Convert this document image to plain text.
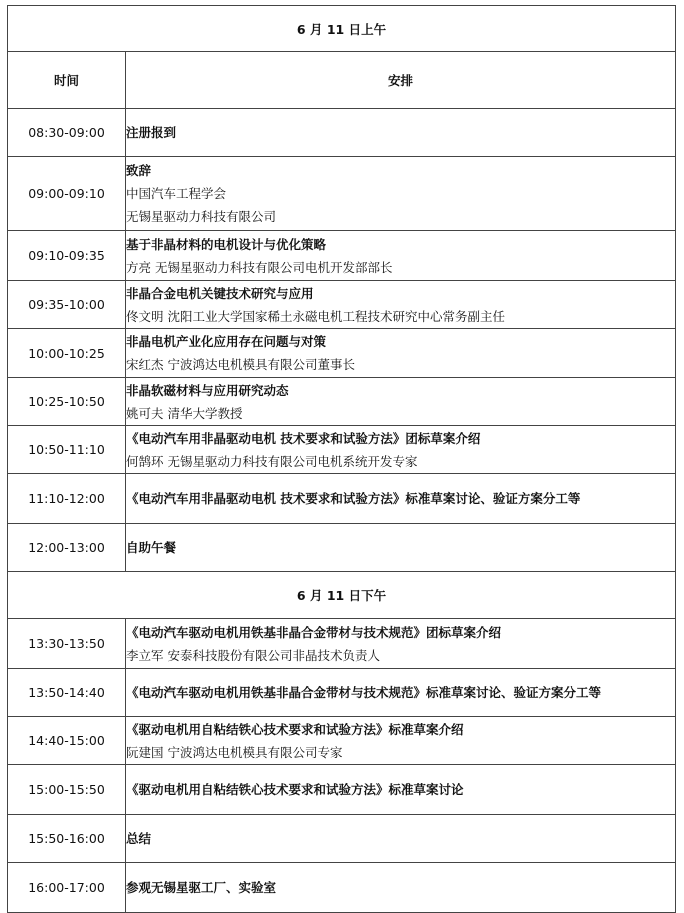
6 月 11 日上午	
时间	安排
08:30-09:00	注册报到

09:00-09:10	致辞
中国汽车工程学会
无锡星驱动力科技有限公司

09:10-09:35	基于非晶材料的电机设计与优化策略
方亮 无锡星驱动力科技有限公司电机开发部部长

09:35-10:00	非晶合金电机关键技术研究与应用
佟文明 沈阳工业大学国家稀土永磁电机工程技术研究中心常务副主任

10:00-10:25	非晶电机产业化应用存在问题与对策
宋红杰 宁波鸿达电机模具有限公司董事长

10:25-10:50	非晶软磁材料与应用研究动态
姚可夫 清华大学教授

10:50-11:10	《电动汽车用非晶驱动电机 技术要求和试验方法》团标草案介绍
何鹄环 无锡星驱动力科技有限公司电机系统开发专家

11:10-12:00	《电动汽车用非晶驱动电机 技术要求和试验方法》标准草案讨论、验证方案分工等

12:00-13:00	自助午餐

6 月 11 日下午	
13:30-13:50	《电动汽车驱动电机用铁基非晶合金带材与技术规范》团标草案介绍
李立军 安泰科技股份有限公司非晶技术负责人

13:50-14:40	《电动汽车驱动电机用铁基非晶合金带材与技术规范》标准草案讨论、验证方案分工等

14:40-15:00	《驱动电机用自粘结铁心技术要求和试验方法》标准草案介绍
阮建国 宁波鸿达电机模具有限公司专家

15:00-15:50	《驱动电机用自粘结铁心技术要求和试验方法》标准草案讨论

15:50-16:00	总结

16:00-17:00	参观无锡星驱工厂、实验室
